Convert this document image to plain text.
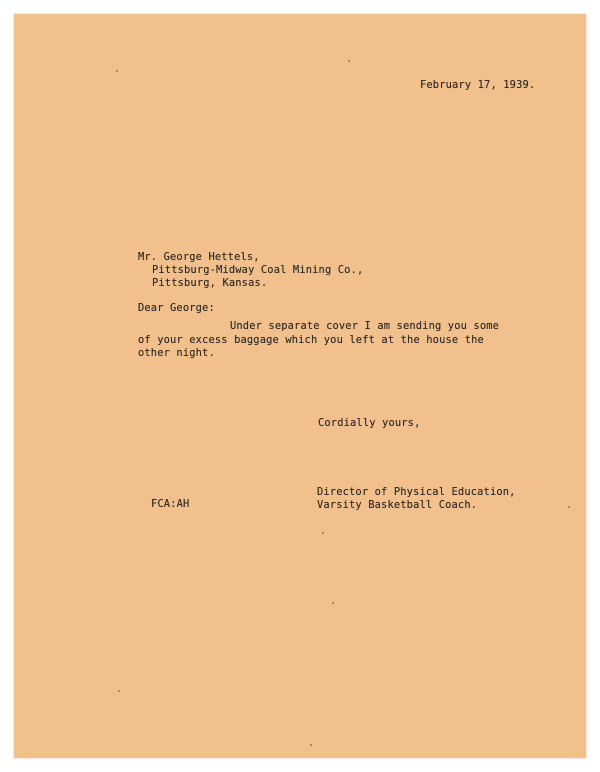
February 17, 1939.
Mr. George Hettels,
Pittsburg-Midway Coal Mining Co.,
Pittsburg, Kansas.
Dear George:
Under separate cover I am sending you some
of your excess baggage which you left at the house the
other night.
Cordially yours,
Director of Physical Education,
Varsity Basketball Coach.
FCA:AH
